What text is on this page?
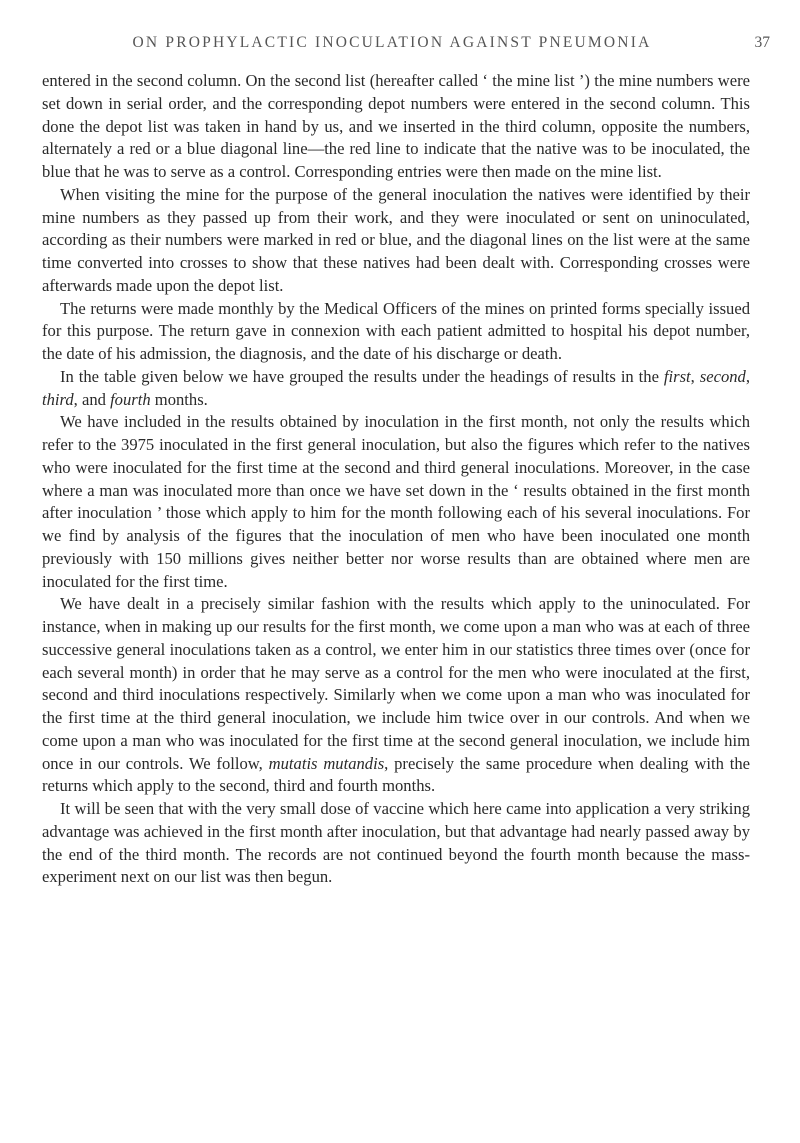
ON PROPHYLACTIC INOCULATION AGAINST PNEUMONIA	37

entered in the second column. On the second list (hereafter called ‘ the mine list ’) the mine numbers were set down in serial order, and the corresponding depot numbers were entered in the second column. This done the depot list was taken in hand by us, and we inserted in the third column, opposite the numbers, alternately a red or a blue diagonal line—the red line to indicate that the native was to be inoculated, the blue that he was to serve as a control. Corresponding entries were then made on the mine list.

When visiting the mine for the purpose of the general inoculation the natives were identified by their mine numbers as they passed up from their work, and they were inoculated or sent on uninoculated, according as their numbers were marked in red or blue, and the diagonal lines on the list were at the same time converted into crosses to show that these natives had been dealt with. Corresponding crosses were afterwards made upon the depot list.

The returns were made monthly by the Medical Officers of the mines on printed forms specially issued for this purpose. The return gave in connexion with each patient admitted to hospital his depot number, the date of his admission, the diagnosis, and the date of his discharge or death.

In the table given below we have grouped the results under the headings of results in the first, second, third, and fourth months.

We have included in the results obtained by inoculation in the first month, not only the results which refer to the 3975 inoculated in the first general inoculation, but also the figures which refer to the natives who were inoculated for the first time at the second and third general inoculations. Moreover, in the case where a man was inoculated more than once we have set down in the ‘ results obtained in the first month after inoculation ’ those which apply to him for the month following each of his several inoculations. For we find by analysis of the figures that the inoculation of men who have been inoculated one month previously with 150 millions gives neither better nor worse results than are obtained where men are inoculated for the first time.

We have dealt in a precisely similar fashion with the results which apply to the uninoculated. For instance, when in making up our results for the first month, we come upon a man who was at each of three successive general inoculations taken as a control, we enter him in our statistics three times over (once for each several month) in order that he may serve as a control for the men who were inoculated at the first, second and third inoculations respectively. Similarly when we come upon a man who was inoculated for the first time at the third general inoculation, we include him twice over in our controls. And when we come upon a man who was inoculated for the first time at the second general inoculation, we include him once in our controls. We follow, mutatis mutandis, precisely the same procedure when dealing with the returns which apply to the second, third and fourth months.

It will be seen that with the very small dose of vaccine which here came into application a very striking advantage was achieved in the first month after inoculation, but that advantage had nearly passed away by the end of the third month. The records are not continued beyond the fourth month because the mass-experiment next on our list was then begun.
